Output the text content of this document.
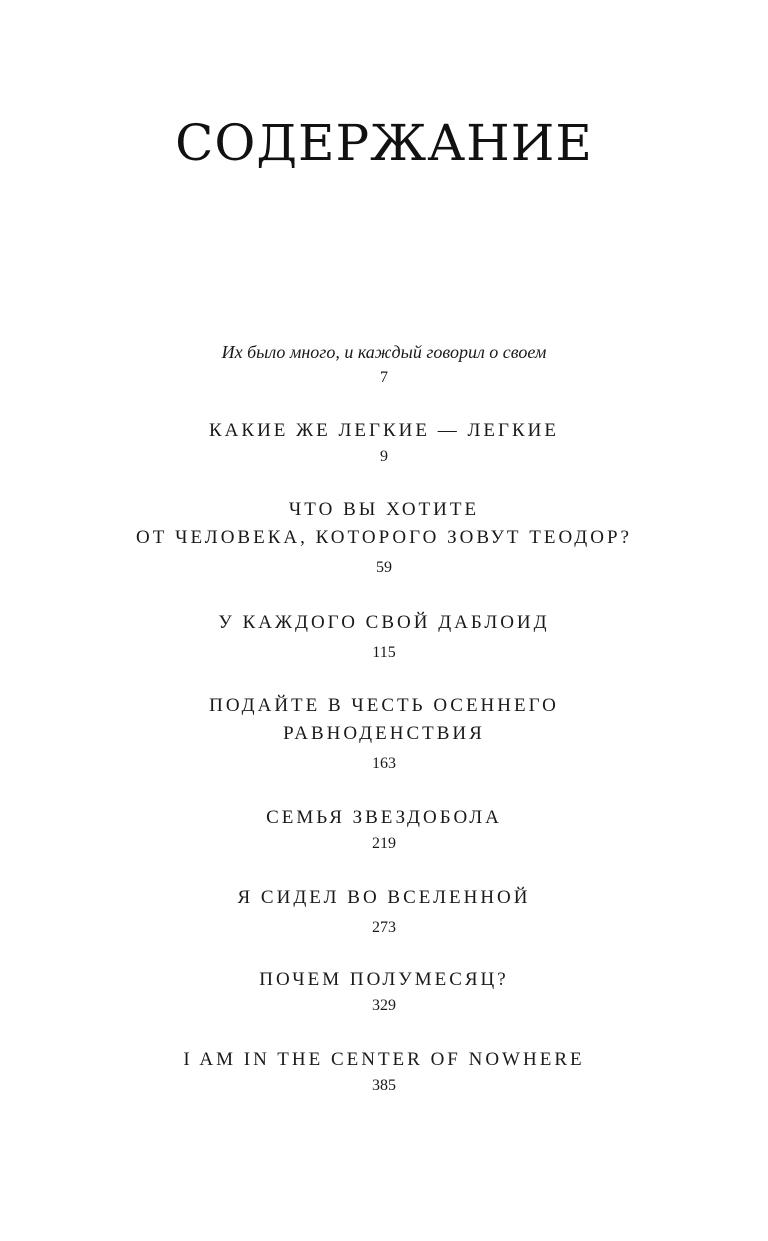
СОДЕРЖАНИЕ
Их было много, и каждый говорил о своем
7
КАКИЕ ЖЕ ЛЕГКИЕ — ЛЕГКИЕ
9
ЧТО ВЫ ХОТИТЕ
ОТ ЧЕЛОВЕКА, КОТОРОГО ЗОВУТ ТЕОДОР?
59
У КАЖДОГО СВОЙ ДАБЛОИД
115
ПОДАЙТЕ В ЧЕСТЬ ОСЕННЕГО
РАВНОДЕНСТВИЯ
163
СЕМЬЯ ЗВЕЗДОБОЛА
219
Я СИДЕЛ ВО ВСЕЛЕННОЙ
273
ПОЧЕМ ПОЛУМЕСЯЦ?
329
I AM IN THE CENTER OF NOWHERE
385
